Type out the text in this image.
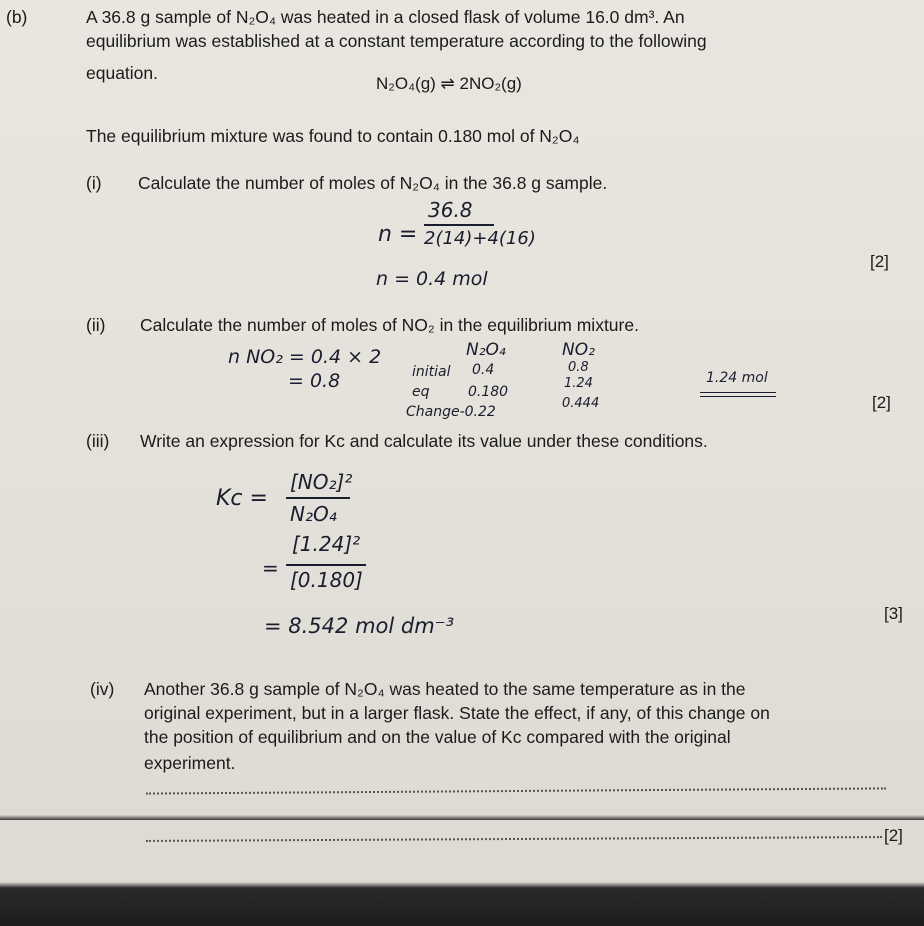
(b)	A 36.8 g sample of N₂O₄ was heated in a closed flask of volume 16.0 dm³. An
equilibrium was established at a constant temperature according to the following
equation.
N₂O₄(g) ⇌ 2NO₂(g)
The equilibrium mixture was found to contain 0.180 mol of N₂O₄
(i) Calculate the number of moles of N₂O₄ in the 36.8 g sample.
n =
36.8
2(14)+4(16)
n = 0.4 mol
[2]
(ii) Calculate the number of moles of NO₂ in the equilibrium mixture.
n NO₂ = 0.4 × 2
= 0.8	initial
eq
Change-0.22
N₂O₄
0.4
0.180
NO₂
0.8
1.24
0.444
1.24 mol
[2]
(iii) Write an expression for Kc and calculate its value under these conditions.
Kc =
[NO₂]²
N₂O₄
=
[1.24]²
[0.180]
= 8.542 mol dm⁻³
[3]
(iv) Another 36.8 g sample of N₂O₄ was heated to the same temperature as in the
original experiment, but in a larger flask. State the effect, if any, of this change on
the position of equilibrium and on the value of Kc compared with the original
experiment.
[2]
